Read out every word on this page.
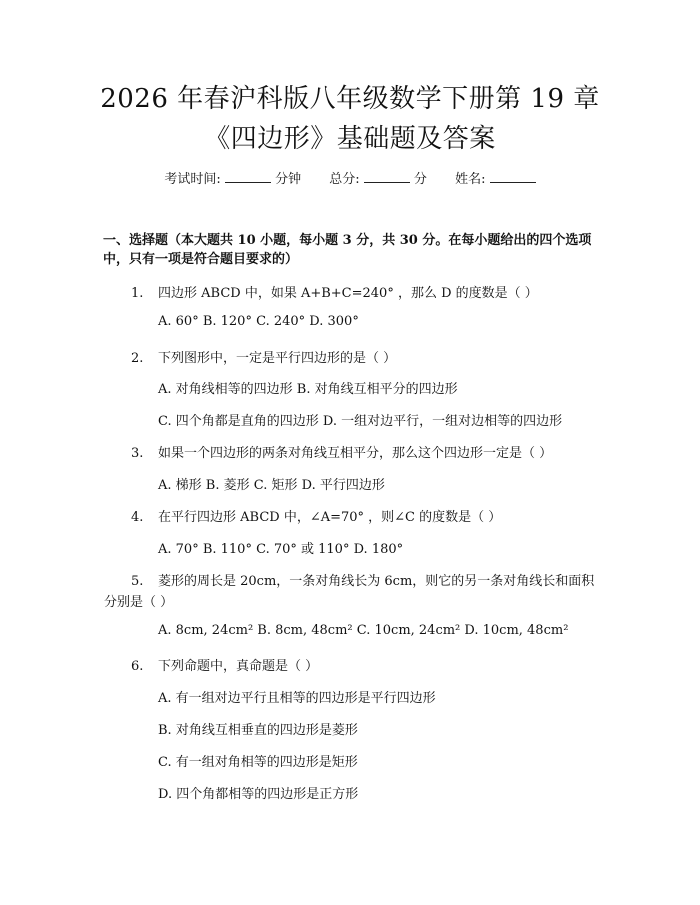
2026 年春沪科版八年级数学下册第 19 章
《四边形》基础题及答案
考试时间:	分钟 总分:	分 姓名:
一、选择题（本大题共 10 小题，每小题 3 分，共 30 分。在每小题给出的四个选项中，只有一项是符合题目要求的）
1. 四边形 ABCD 中，如果 A+B+C=240° ，那么 D 的度数是（ ）
A. 60° B. 120° C. 240° D. 300°
2. 下列图形中，一定是平行四边形的是（ ）
A. 对角线相等的四边形 B. 对角线互相平分的四边形
C. 四个角都是直角的四边形 D. 一组对边平行，一组对边相等的四边形
3. 如果一个四边形的两条对角线互相平分，那么这个四边形一定是（ ）
A. 梯形 B. 菱形 C. 矩形 D. 平行四边形
4. 在平行四边形 ABCD 中，∠A=70° ，则∠C 的度数是（ ）
A. 70° B. 110° C. 70° 或 110° D. 180°
5. 菱形的周长是 20cm，一条对角线长为 6cm，则它的另一条对角线长和面积
分别是（ ）
A. 8cm, 24cm² B. 8cm, 48cm² C. 10cm, 24cm² D. 10cm, 48cm²
6. 下列命题中，真命题是（ ）
A. 有一组对边平行且相等的四边形是平行四边形
B. 对角线互相垂直的四边形是菱形
C. 有一组对角相等的四边形是矩形
D. 四个角都相等的四边形是正方形
